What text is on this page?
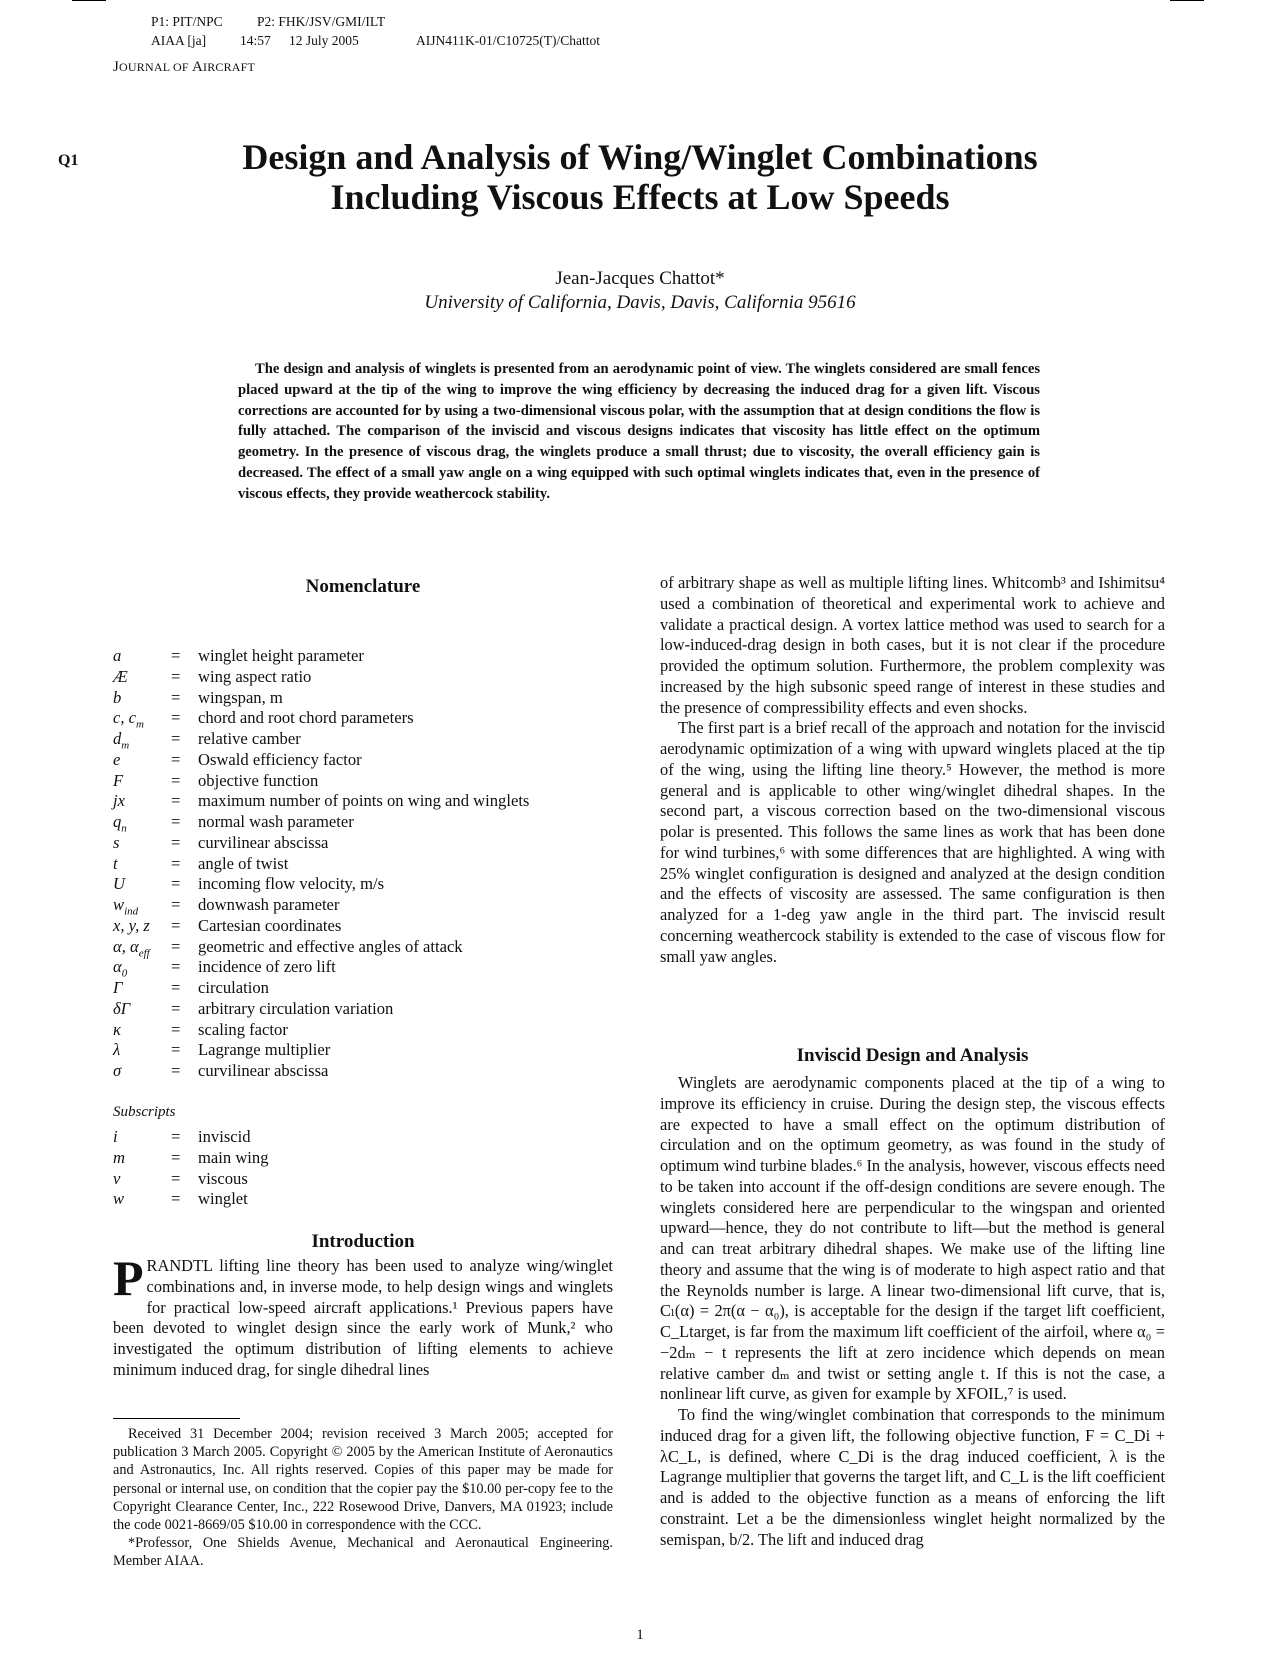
P1: PIT/NPC	P2: FHK/JSV/GMI/ILT
AIAA [ja]	14:57 12 July 2005	AIJN411K-01/C10725(T)/Chattot
JOURNAL OF AIRCRAFT
Q1	Design and Analysis of Wing/Winglet Combinations
Including Viscous Effects at Low Speeds
Jean-Jacques Chattot*
University of California, Davis, Davis, California 95616

The design and analysis of winglets is presented from an aerodynamic point of view. The winglets considered are small fences placed upward at the tip of the wing to improve the wing efficiency by decreasing the induced drag for a given lift. Viscous corrections are accounted for by using a two-dimensional viscous polar, with the assumption that at design conditions the flow is fully attached. The comparison of the inviscid and viscous designs indicates that viscosity has little effect on the optimum geometry. In the presence of viscous drag, the winglets produce a small thrust; due to viscosity, the overall efficiency gain is decreased. The effect of a small yaw angle on a wing equipped with such optimal winglets indicates that, even in the presence of viscous effects, they provide weathercock stability.

Nomenclature
a	=	winglet height parameter
Æ	=	wing aspect ratio
b	=	wingspan, m
c, $c_m$	=	chord and root chord parameters
$d_m$	=	relative camber
e	=	Oswald efficiency factor
F	=	objective function
jx	=	maximum number of points on wing and winglets
$q_n$	=	normal wash parameter
s	=	curvilinear abscissa
t	=	angle of twist
U	=	incoming flow velocity, m/s
$w_{ind}$	=	downwash parameter
x, y, z	=	Cartesian coordinates
α, $\alpha_{eff}$	=	geometric and effective angles of attack
$\alpha_0$	=	incidence of zero lift
Γ	=	circulation
δΓ	=	arbitrary circulation variation
κ	=	scaling factor
λ	=	Lagrange multiplier
σ	=	curvilinear abscissa
Subscripts
i	=	inviscid
m	=	main wing
v	=	viscous
w	=	winglet
Introduction

PRANDTL lifting line theory has been used to analyze wing/winglet combinations and, in inverse mode, to help design wings and winglets for practical low-speed aircraft applications.¹ Previous papers have been devoted to winglet design since the early work of Munk,² who investigated the optimum distribution of lifting elements to achieve minimum induced drag, for single dihedral lines

Received 31 December 2004; revision received 3 March 2005; accepted for publication 3 March 2005. Copyright © 2005 by the American Institute of Aeronautics and Astronautics, Inc. All rights reserved. Copies of this paper may be made for personal or internal use, on condition that the copier pay the $10.00 per-copy fee to the Copyright Clearance Center, Inc., 222 Rosewood Drive, Danvers, MA 01923; include the code 0021-8669/05 $10.00 in correspondence with the CCC.

*Professor, One Shields Avenue, Mechanical and Aeronautical Engineering. Member AIAA.

of arbitrary shape as well as multiple lifting lines. Whitcomb³ and Ishimitsu⁴ used a combination of theoretical and experimental work to achieve and validate a practical design. A vortex lattice method was used to search for a low-induced-drag design in both cases, but it is not clear if the procedure provided the optimum solution. Furthermore, the problem complexity was increased by the high subsonic speed range of interest in these studies and the presence of compressibility effects and even shocks.

The first part is a brief recall of the approach and notation for the inviscid aerodynamic optimization of a wing with upward winglets placed at the tip of the wing, using the lifting line theory.⁵ However, the method is more general and is applicable to other wing/winglet dihedral shapes. In the second part, a viscous correction based on the two-dimensional viscous polar is presented. This follows the same lines as work that has been done for wind turbines,⁶ with some differences that are highlighted. A wing with 25% winglet configuration is designed and analyzed at the design condition and the effects of viscosity are assessed. The same configuration is then analyzed for a 1-deg yaw angle in the third part. The inviscid result concerning weathercock stability is extended to the case of viscous flow for small yaw angles.

Inviscid Design and Analysis

Winglets are aerodynamic components placed at the tip of a wing to improve its efficiency in cruise. During the design step, the viscous effects are expected to have a small effect on the optimum distribution of circulation and on the optimum geometry, as was found in the study of optimum wind turbine blades.⁶ In the analysis, however, viscous effects need to be taken into account if the off-design conditions are severe enough. The winglets considered here are perpendicular to the wingspan and oriented upward—hence, they do not contribute to lift—but the method is general and can treat arbitrary dihedral shapes. We make use of the lifting line theory and assume that the wing is of moderate to high aspect ratio and that the Reynolds number is large. A linear two-dimensional lift curve, that is, Cₗ(α) = 2π(α − α₀), is acceptable for the design if the target lift coefficient, C_Ltarget, is far from the maximum lift coefficient of the airfoil, where α₀ = −2dₘ − t represents the lift at zero incidence which depends on mean relative camber dₘ and twist or setting angle t. If this is not the case, a nonlinear lift curve, as given for example by XFOIL,⁷ is used.

To find the wing/winglet combination that corresponds to the minimum induced drag for a given lift, the following objective function, F = C_Di + λC_L, is defined, where C_Di is the drag induced coefficient, λ is the Lagrange multiplier that governs the target lift, and C_L is the lift coefficient and is added to the objective function as a means of enforcing the lift constraint. Let a be the dimensionless winglet height normalized by the semispan, b/2. The lift and induced drag

1
